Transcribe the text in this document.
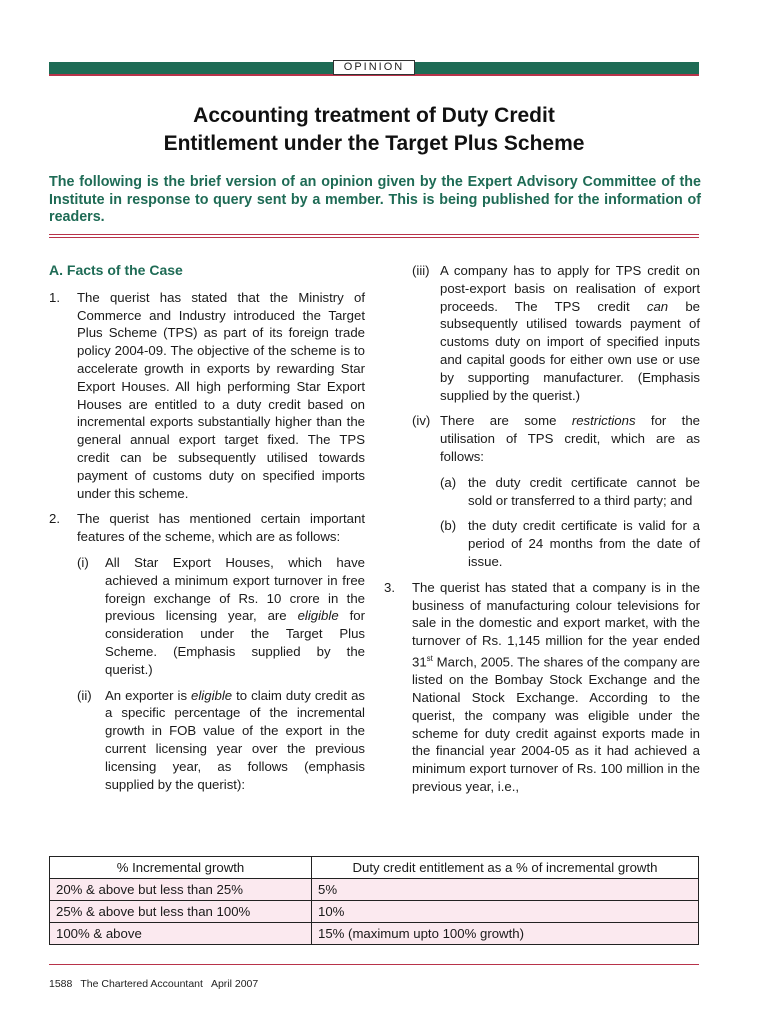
OPINION
Accounting treatment of Duty Credit
Entitlement under the Target Plus Scheme
The following is the brief version of an opinion given by the Expert Advisory Committee of the Institute in response to query sent by a member. This is being published for the information of readers.
A. Facts of the Case
1.	The querist has stated that the Ministry of Commerce and Industry introduced the Target Plus Scheme (TPS) as part of its foreign trade policy 2004-09. The objective of the scheme is to accelerate growth in exports by rewarding Star Export Houses. All high performing Star Export Houses are entitled to a duty credit based on incremental exports substantially higher than the general annual export target fixed. The TPS credit can be subsequently utilised towards payment of customs duty on specified imports under this scheme.
2.	The querist has mentioned certain important features of the scheme, which are as follows:
(i)	All Star Export Houses, which have achieved a minimum export turnover in free foreign exchange of Rs. 10 crore in the previous licensing year, are eligible for consideration under the Target Plus Scheme. (Emphasis supplied by the querist.)
(ii)	An exporter is eligible to claim duty credit as a specific percentage of the incremental growth in FOB value of the export in the current licensing year over the previous licensing year, as follows (emphasis supplied by the querist):
(iii) A company has to apply for TPS credit on post-export basis on realisation of export proceeds. The TPS credit can be subsequently utilised towards payment of customs duty on import of specified inputs and capital goods for either own use or use by supporting manufacturer. (Emphasis supplied by the querist.)
(iv) There are some restrictions for the utilisation of TPS credit, which are as follows:
(a) the duty credit certificate cannot be sold or transferred to a third party; and
(b) the duty credit certificate is valid for a period of 24 months from the date of issue.
3.	The querist has stated that a company is in the business of manufacturing colour televisions for sale in the domestic and export market, with the turnover of Rs. 1,145 million for the year ended 31st March, 2005. The shares of the company are listed on the Bombay Stock Exchange and the National Stock Exchange. According to the querist, the company was eligible under the scheme for duty credit against exports made in the financial year 2004-05 as it had achieved a minimum export turnover of Rs. 100 million in the previous year, i.e.,
% Incremental growth	Duty credit entitlement as a % of incremental growth
20% & above but less than 25%	5%
25% & above but less than 100%	10%
100% & above	15% (maximum upto 100% growth)
1588 The Chartered Accountant April 2007
